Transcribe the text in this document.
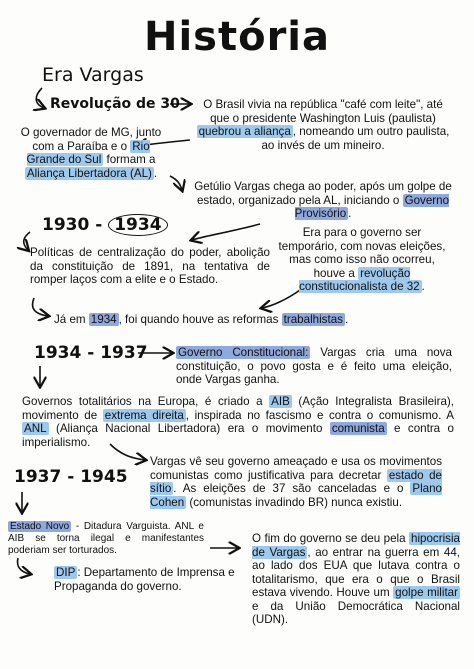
História
Era Vargas
Revolução de 30	O Brasil vivia na república "café com leite", até que o presidente Washington Luis (paulista) quebrou a aliança , nomeando um outro paulista, ao invés de um mineiro.
O governador de MG, junto com a Paraíba e o Rio Grande do Sul formam a Aliança Libertadora (AL) .
Getúlio Vargas chega ao poder, após um golpe de estado, organizado pela AL, iniciando o Governo Provisório .
1930 - 1934	Era para o governo ser temporário, com novas eleições, mas como isso não ocorreu, houve a revolução constitucionalista de 32 .
Políticas de centralização do poder, abolição da constituição de 1891, na tentativa de romper laços com a elite e o Estado.
Já em 1934 , foi quando houve as reformas trabalhistas .
1934 - 1937	Governo Constitucional: Vargas cria uma nova constituição, o povo gosta e é feito uma eleição, onde Vargas ganha.
Governos totalitários na Europa, é criado a AIB (Ação Integralista Brasileira), movimento de extrema direita , inspirada no fascismo e contra o comunismo. A ANL (Aliança Nacional Libertadora) era o movimento comunista e contra o imperialismo.
1937 - 1945
Vargas vê seu governo ameaçado e usa os movimentos comunistas como justificativa para decretar estado de sítio . As eleições de 37 são canceladas e o Plano Cohen (comunistas invadindo BR) nunca existiu.
Estado Novo - Ditadura Varguista. ANL e AIB se torna ilegal e manifestantes poderiam ser torturados.
DIP : Departamento de Imprensa e Propaganda do governo.
O fim do governo se deu pela hipocrisia de Vargas , ao entrar na guerra em 44, ao lado dos EUA que lutava contra o totalitarismo, que era o que o Brasil estava vivendo. Houve um golpe militar e da União Democrática Nacional (UDN).
